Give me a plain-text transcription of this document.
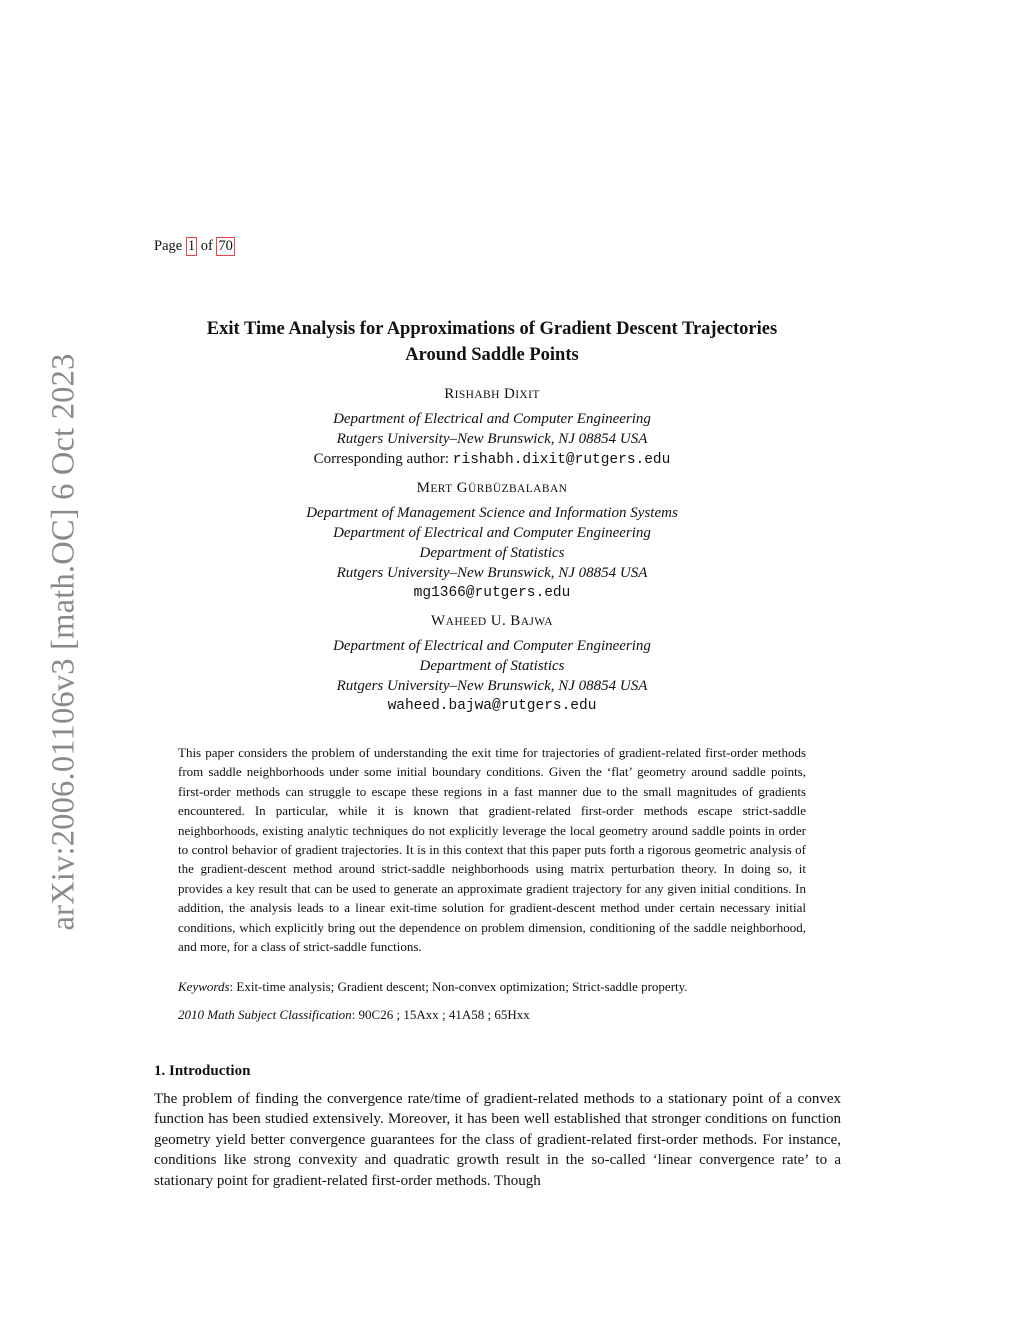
arXiv:2006.01106v3 [math.OC] 6 Oct 2023
Page 1 of 70
Exit Time Analysis for Approximations of Gradient Descent Trajectories
Around Saddle Points
RISHABH DIXIT
Department of Electrical and Computer Engineering
Rutgers University–New Brunswick, NJ 08854 USA
Corresponding author: rishabh.dixit@rutgers.edu
MERT GÜRBÜZBALABAN
Department of Management Science and Information Systems
Department of Electrical and Computer Engineering
Department of Statistics
Rutgers University–New Brunswick, NJ 08854 USA
mg1366@rutgers.edu
WAHEED U. BAJWA
Department of Electrical and Computer Engineering
Department of Statistics
Rutgers University–New Brunswick, NJ 08854 USA
waheed.bajwa@rutgers.edu

This paper considers the problem of understanding the exit time for trajectories of gradient-related first-order methods from saddle neighborhoods under some initial boundary conditions. Given the ‘flat’ geometry around saddle points, first-order methods can struggle to escape these regions in a fast manner due to the small magnitudes of gradients encountered. In particular, while it is known that gradient-related first-order methods escape strict-saddle neighborhoods, existing analytic techniques do not explicitly leverage the local geometry around saddle points in order to control behavior of gradient trajectories. It is in this context that this paper puts forth a rigorous geometric analysis of the gradient-descent method around strict-saddle neighborhoods using matrix perturbation theory. In doing so, it provides a key result that can be used to generate an approximate gradient trajectory for any given initial conditions. In addition, the analysis leads to a linear exit-time solution for gradient-descent method under certain necessary initial conditions, which explicitly bring out the dependence on problem dimension, conditioning of the saddle neighborhood, and more, for a class of strict-saddle functions.

Keywords: Exit-time analysis; Gradient descent; Non-convex optimization; Strict-saddle property.
2010 Math Subject Classification: 90C26 ; 15Axx ; 41A58 ; 65Hxx
1. Introduction

The problem of finding the convergence rate/time of gradient-related methods to a stationary point of a convex function has been studied extensively. Moreover, it has been well established that stronger conditions on function geometry yield better convergence guarantees for the class of gradient-related first-order methods. For instance, conditions like strong convexity and quadratic growth result in the so-called ‘linear convergence rate’ to a stationary point for gradient-related first-order methods. Though
